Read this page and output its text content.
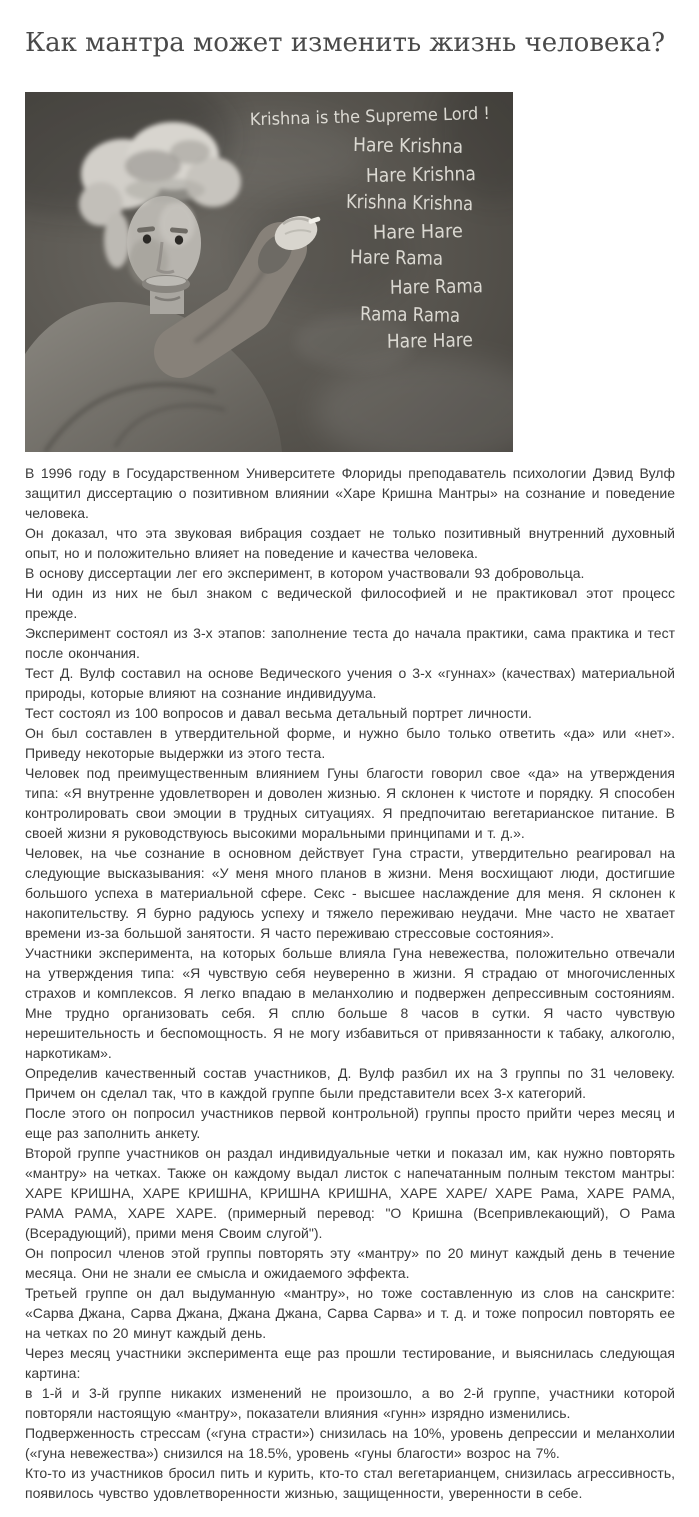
Как мантра может изменить жизнь человека?
Krishna is the Supreme Lord !
Hare Krishna
Hare Krishna
Krishna Krishna
Hare Hare
Hare Rama
Hare Rama
Rama Rama
Hare Hare

В 1996 году в Государственном Университете Флориды преподаватель психологии Дэвид Вулф защитил диссертацию о позитивном влиянии «Харе Кришна Мантры» на сознание и поведение человека.

Он доказал, что эта звуковая вибрация создает не только позитивный внутренний духовный опыт, но и положительно влияет на поведение и качества человека.

В основу диссертации лег его эксперимент, в котором участвовали 93 добровольца.

Ни один из них не был знаком с ведической философией и не практиковал этот процесс прежде.

Эксперимент состоял из 3-х этапов: заполнение теста до начала практики, сама практика и тест после окончания.

Тест Д. Вулф составил на основе Ведического учения о 3-х «гуннах» (качествах) материальной природы, которые влияют на сознание индивидуума.

Тест состоял из 100 вопросов и давал весьма детальный портрет личности.

Он был составлен в утвердительной форме, и нужно было только ответить «да» или «нет». Приведу некоторые выдержки из этого теста.

Человек под преимущественным влиянием Гуны благости говорил свое «да» на утверждения типа: «Я внутренне удовлетворен и доволен жизнью. Я склонен к чистоте и порядку. Я способен контролировать свои эмоции в трудных ситуациях. Я предпочитаю вегетарианское питание. В своей жизни я руководствуюсь высокими моральными принципами и т. д.».

Человек, на чье сознание в основном действует Гуна страсти, утвердительно реагировал на следующие высказывания: «У меня много планов в жизни. Меня восхищают люди, достигшие большого успеха в материальной сфере. Секс - высшее наслаждение для меня. Я склонен к накопительству. Я бурно радуюсь успеху и тяжело переживаю неудачи. Мне часто не хватает времени из-за большой занятости. Я часто переживаю стрессовые состояния».

Участники эксперимента, на которых больше влияла Гуна невежества, положительно отвечали на утверждения типа: «Я чувствую себя неуверенно в жизни. Я страдаю от многочисленных страхов и комплексов. Я легко впадаю в меланхолию и подвержен депрессивным состояниям. Мне трудно организовать себя. Я сплю больше 8 часов в сутки. Я часто чувствую нерешительность и беспомощность. Я не могу избавиться от привязанности к табаку, алкоголю, наркотикам».

Определив качественный состав участников, Д. Вулф разбил их на 3 группы по 31 человеку. Причем он сделал так, что в каждой группе были представители всех 3-х категорий.

После этого он попросил участников первой контрольной) группы просто прийти через месяц и еще раз заполнить анкету.

Второй группе участников он раздал индивидуальные четки и показал им, как нужно повторять «мантру» на четках. Также он каждому выдал листок с напечатанным полным текстом мантры: ХАРЕ КРИШНА, ХАРЕ КРИШНА, КРИШНА КРИШНА, ХАРЕ ХАРЕ/ ХАРЕ Рама, ХАРЕ РАМА, РАМА РАМА, ХАРЕ ХАРЕ. (примерный перевод: "О Кришна (Всепривлекающий), О Рама (Всерадующий), прими меня Своим слугой").

Он попросил членов этой группы повторять эту «мантру» по 20 минут каждый день в течение месяца. Они не знали ее смысла и ожидаемого эффекта.

Третьей группе он дал выдуманную «мантру», но тоже составленную из слов на санскрите: «Сарва Джана, Сарва Джана, Джана Джана, Сарва Сарва» и т. д. и тоже попросил повторять ее на четках по 20 минут каждый день.

Через месяц участники эксперимента еще раз прошли тестирование, и выяснилась следующая картина:

в 1-й и 3-й группе никаких изменений не произошло, а во 2-й группе, участники которой повторяли настоящую «мантру», показатели влияния «гунн» изрядно изменились.

Подверженность стрессам («гуна страсти») снизилась на 10%, уровень депрессии и меланхолии («гуна невежества») снизился на 18.5%, уровень «гуны благости» возрос на 7%.

Кто-то из участников бросил пить и курить, кто-то стал вегетарианцем, снизилась агрессивность, появилось чувство удовлетворенности жизнью, защищенности, уверенности в себе.
